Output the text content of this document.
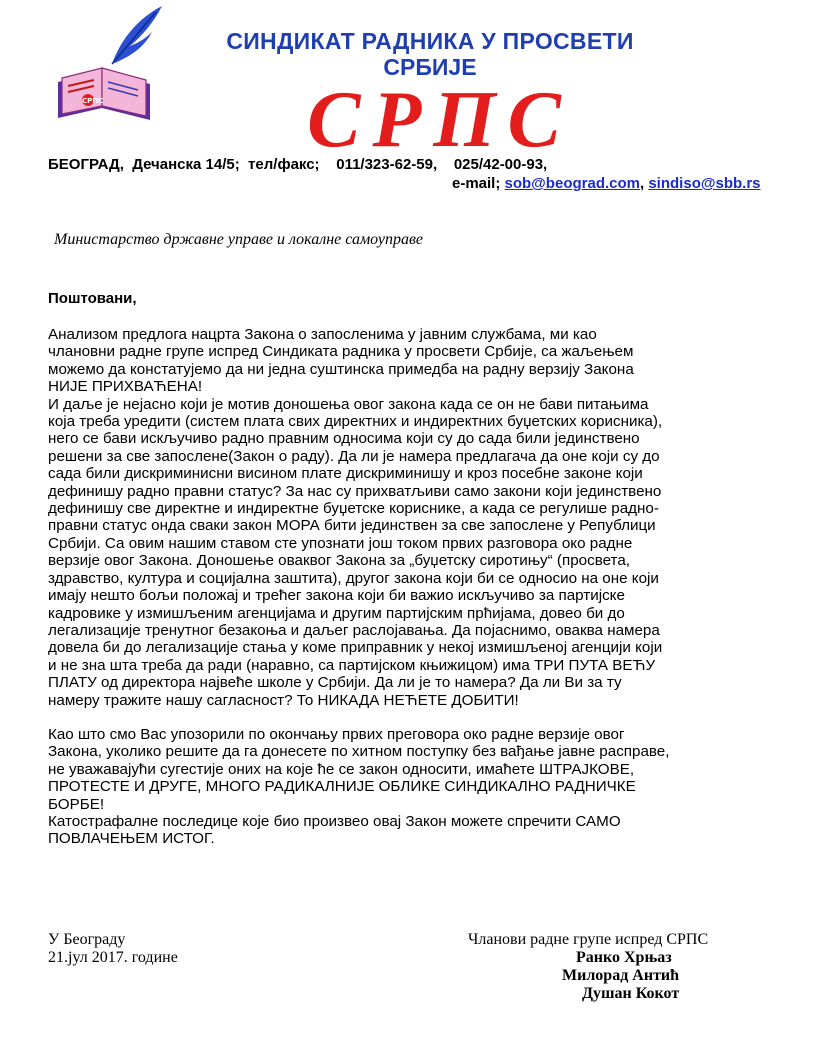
СРПС
СИНДИКАТ РАДНИКА У ПРОСВЕТИ
СРБИЈЕ
СРПС
БЕОГРАД,  Дечанска 14/5;  тел/факс;    011/323-62-59,    025/42-00-93,
e-mail; sob@beograd.com, sindiso@sbb.rs
Министарство државне управе и локалне самоуправе
Поштовани,
Анализом предлога нацрта Закона о запосленима у јавним службама, ми као
члановни радне групе испред Синдиката радника у просвети Србије, са жаљењем
можемо да констатујемо да ни једна суштинска примедба на радну верзију Закона
НИЈЕ ПРИХВАЋЕНА!
И даље је нејасно који је мотив доношења овог закона када се он не бави питањима
која треба уредити (систем плата свих директних и индиректних буџетских корисника),
него се бави искључиво радно правним односима који су до сада били јединствено
решени за све запослене(Закон о раду). Да ли је намера предлагача да оне који су до
сада били дискриминисни висином плате дискриминишу и кроз посебне законе који
дефинишу радно правни статус? За нас су прихватљиви само закони који јединствено
дефинишу све директне и индиректне буџетске кориснике, а када се регулише радно-
правни статус онда сваки закон МОРА бити јединствен за све запослене у Републици
Србији. Са овим нашим ставом сте упознати још током првих разговора око радне
верзије овог Закона. Доношење оваквог Закона за „буџетску сиротињу“ (просвета,
здравство, култура и социјална заштита), другог закона који би се односио на оне који
имају нешто бољи положај и трећег закона који би важио искључиво за партијске
кадровике у измишљеним агенцијама и другим партијским прћијама, довео би до
легализације тренутног безакоња и даљег раслојавања. Да појаснимо, оваква намера
довела би до легализације стања у коме приправник у некој измишљеној агенцији који
и не зна шта треба да ради (наравно, са партијском књижицом) има ТРИ ПУТА ВЕЋУ
ПЛАТУ од директора највеће школе у Србији. Да ли је то намера? Да ли Ви за ту
намеру тражите нашу сагласност? То НИКАДА НЕЋЕТЕ ДОБИТИ!
Као што смо Вас упозорили по окончању првих преговора око радне верзије овог
Закона, уколико решите да га донесете по хитном поступку без вађање јавне расправе,
не уважавајући сугестије оних на које ће се закон односити, имаћете ШТРАЈКОВЕ,
ПРОТЕСТЕ И ДРУГЕ, МНОГО РАДИКАЛНИЈЕ ОБЛИКЕ СИНДИКАЛНО РАДНИЧКЕ
БОРБЕ!
Катострафалне последице које био произвео овај Закон можете спречити САМО
ПОВЛАЧЕЊЕМ ИСТОГ.
У Београду
21.јул 2017. године
Чланови радне групе испред СРПС
Ранко Хрњаз
Милорад Антић
Душан Кокот
